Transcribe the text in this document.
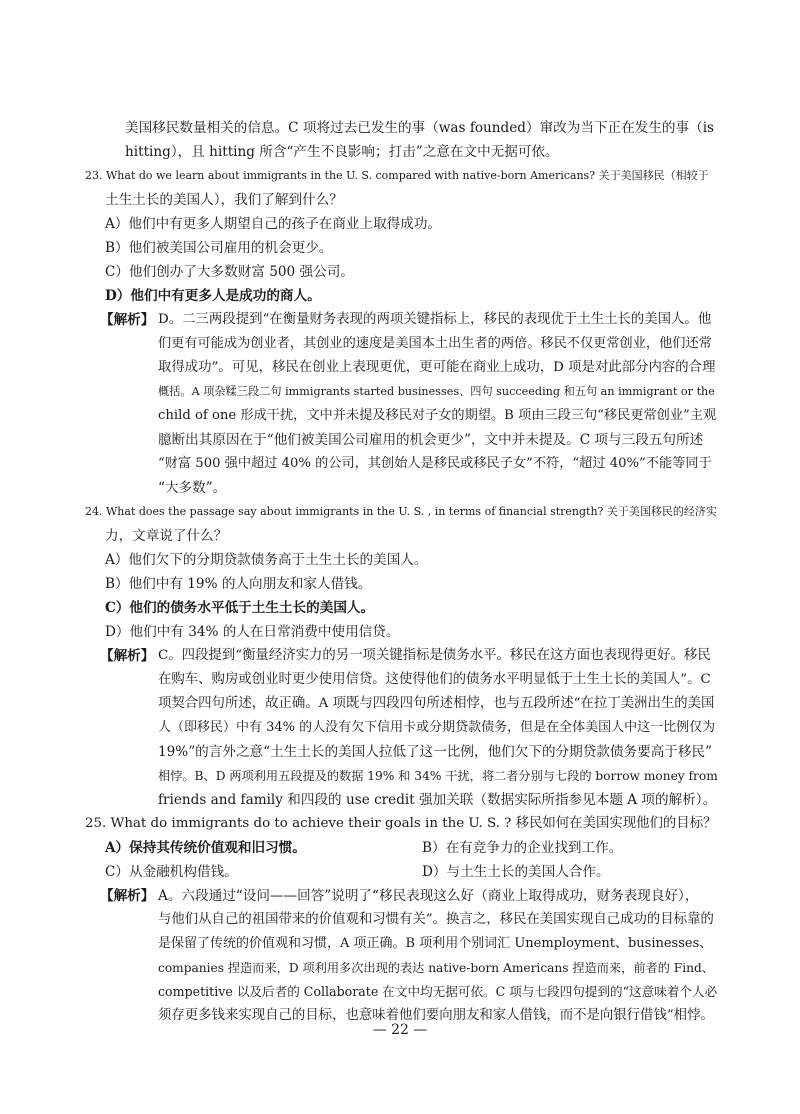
美国移民数量相关的信息。C 项将过去已发生的事（was founded）窜改为当下正在发生的事（is
hitting），且 hitting 所含“产生不良影响；打击”之意在文中无据可依。
23. What do we learn about immigrants in the U. S. compared with native-born Americans? 关于美国移民（相较于
土生土长的美国人），我们了解到什么？
A）他们中有更多人期望自己的孩子在商业上取得成功。
B）他们被美国公司雇用的机会更少。
C）他们创办了大多数财富 500 强公司。
D）他们中有更多人是成功的商人。
【解析】 D。二三两段提到“在衡量财务表现的两项关键指标上，移民的表现优于土生土长的美国人。他
们更有可能成为创业者，其创业的速度是美国本土出生者的两倍。移民不仅更常创业，他们还常
取得成功”。可见，移民在创业上表现更优，更可能在商业上成功，D 项是对此部分内容的合理
概括。A 项杂糅三段二句 immigrants started businesses、四句 succeeding 和五句 an immigrant or the
child of one 形成干扰，文中并未提及移民对子女的期望。B 项由三段三句“移民更常创业”主观
臆断出其原因在于“他们被美国公司雇用的机会更少”，文中并未提及。C 项与三段五句所述
“财富 500 强中超过 40% 的公司，其创始人是移民或移民子女”不符，“超过 40%”不能等同于
“大多数”。
24. What does the passage say about immigrants in the U. S. , in terms of financial strength? 关于美国移民的经济实
力，文章说了什么？
A）他们欠下的分期贷款债务高于土生土长的美国人。
B）他们中有 19% 的人向朋友和家人借钱。
C）他们的债务水平低于土生土长的美国人。
D）他们中有 34% 的人在日常消费中使用信贷。
【解析】 C。四段提到“衡量经济实力的另一项关键指标是债务水平。移民在这方面也表现得更好。移民
在购车、购房或创业时更少使用信贷。这使得他们的债务水平明显低于土生土长的美国人”。C
项契合四句所述，故正确。A 项既与四段四句所述相悖，也与五段所述“在拉丁美洲出生的美国
人（即移民）中有 34% 的人没有欠下信用卡或分期贷款债务，但是在全体美国人中这一比例仅为
19%”的言外之意“土生土长的美国人拉低了这一比例，他们欠下的分期贷款债务要高于移民”
相悖。B、D 两项利用五段提及的数据 19% 和 34% 干扰，将二者分别与七段的 borrow money from
friends and family 和四段的 use credit 强加关联（数据实际所指参见本题 A 项的解析）。
25. What do immigrants do to achieve their goals in the U. S. ? 移民如何在美国实现他们的目标？
A）保持其传统价值观和旧习惯。	B）在有竞争力的企业找到工作。
C）从金融机构借钱。	D）与土生土长的美国人合作。
【解析】 A。六段通过“设问——回答”说明了“移民表现这么好（商业上取得成功，财务表现良好），
与他们从自己的祖国带来的价值观和习惯有关”。换言之，移民在美国实现自己成功的目标靠的
是保留了传统的价值观和习惯，A 项正确。B 项利用个别词汇 Unemployment、businesses、
companies 捏造而来，D 项利用多次出现的表达 native-born Americans 捏造而来，前者的 Find、
competitive 以及后者的 Collaborate 在文中均无据可依。C 项与七段四句提到的“这意味着个人必
须存更多钱来实现自己的目标，也意味着他们要向朋友和家人借钱，而不是向银行借钱”相悖。
— 22 —
